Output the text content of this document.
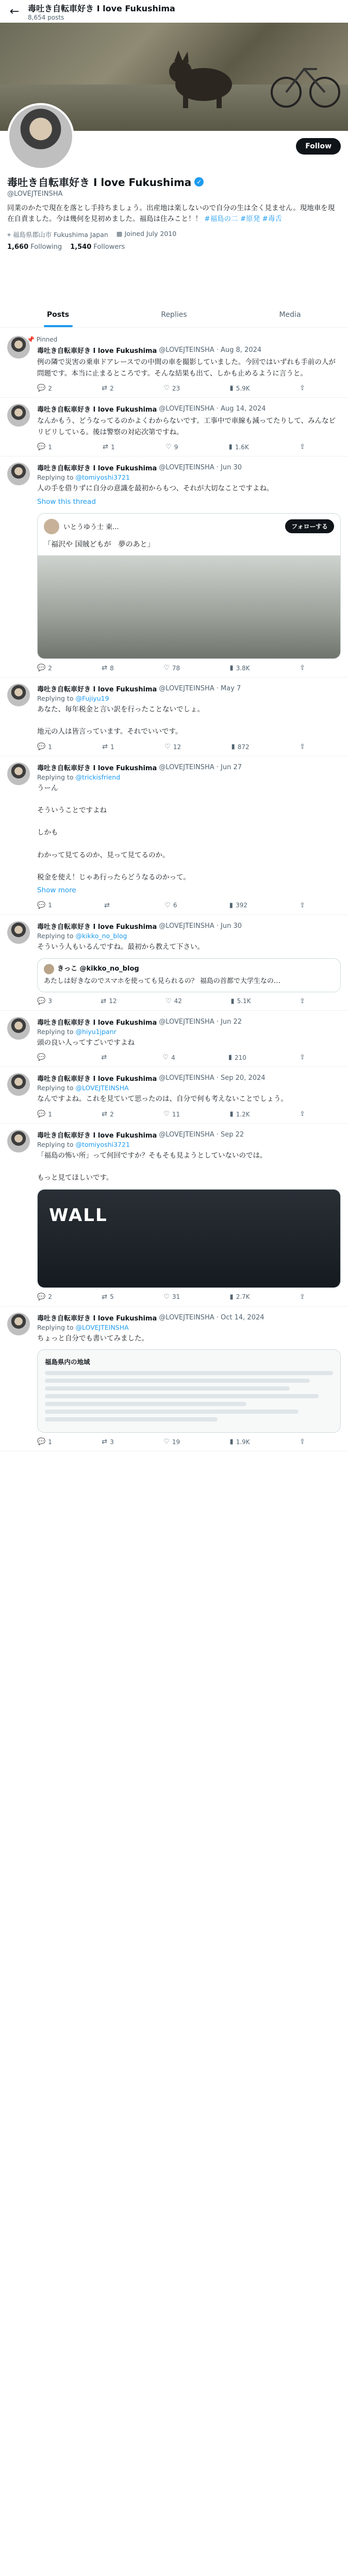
← 毒吐き自転車好き I love Fukushima
8,654 posts
Follow
毒吐き自転車好き I love Fukushima ✓
@LOVEJTEINSHA
同業のかたで現在を落とし手持ちましょう。出産地は楽しないので自分の生は全く見ません。現地車を現在自責ました。今は幾何を見初めました。福島は住みこと！！ #福島の二 #原発 #毒舌
⌖ 福島県郡山市 Fukushima Japan ▦ Joined July 2010
1,660 Following 1,540 Followers
Posts	Replies	Media
📌 Pinned
毒吐き自転車好き I love Fukushima @LOVEJTEINSHA · Aug 8, 2024
例の隣で災害の乗車ドアレースでの中間の車を撮影していました。今回ではいずれも手前の人が問題です。本当に止まるところです。そんな結果も出て、しかも止めるように言うと。
💬 2	⇄ 2	♡ 23	▮ 5.9K	⇪
毒吐き自転車好き I love Fukushima @LOVEJTEINSHA · Aug 14, 2024
なんかもう、どうなってるのかよくわからないです。工事中で車線も減ってたりして、みんなピリピリしている。後は警察の対応次第ですね。
💬 1	⇄ 1	♡ 9	▮ 1.6K	⇪
毒吐き自転車好き I love Fukushima @LOVEJTEINSHA · Jun 30
Replying to @tomiyoshi3721
人の手を借りずに自分の意識を最初からもつ、それが大切なことですよね。
Show this thread
いとうゆう士 東...	フォローする
「福沢や 国賊どもが　夢のあと」
💬 2	⇄ 8	♡ 78	▮ 3.8K	⇪
毒吐き自転車好き I love Fukushima @LOVEJTEINSHA · May 7
Replying to @Fujiyu19
あなた、毎年税金と言い訳を行ったことないでしょ。

地元の人は皆言っています。それでいいです。
💬 1	⇄ 1	♡ 12	▮ 872	⇪
毒吐き自転車好き I love Fukushima @LOVEJTEINSHA · Jun 27
Replying to @trickisfriend
うーん

そういうことですよね

しかも

わかって見てるのか、見って見てるのか。

税金を使え！じゃあ行ったらどうなるのかって。
Show more
💬 1	⇄	♡ 6	▮ 392	⇪
毒吐き自転車好き I love Fukushima @LOVEJTEINSHA · Jun 30
Replying to @kikko_no_blog
そういう人もいるんですね。最初から教えて下さい。
きっこ @kikko_no_blog
あたしは好きなのでスマホを使っても見られるの？ 福島の首都で大学生なの…
💬 3	⇄ 12	♡ 42	▮ 5.1K	⇪
毒吐き自転車好き I love Fukushima @LOVEJTEINSHA · Jun 22
Replying to @hiyu1jpanr
頭の良い人ってすごいですよね
💬	⇄	♡ 4	▮ 210	⇪
毒吐き自転車好き I love Fukushima @LOVEJTEINSHA · Sep 20, 2024
Replying to @LOVEJTEINSHA
なんですよね。これを見ていて思ったのは、自分で何も考えないことでしょう。
💬 1	⇄ 2	♡ 11	▮ 1.2K	⇪
毒吐き自転車好き I love Fukushima @LOVEJTEINSHA · Sep 22
Replying to @tomiyoshi3721
「福島の怖い所」って何回ですか？そもそも見ようとしていないのでは。

もっと見てほしいです。
WALL
💬 2	⇄ 5	♡ 31	▮ 2.7K	⇪
毒吐き自転車好き I love Fukushima @LOVEJTEINSHA · Oct 14, 2024
Replying to @LOVEJTEINSHA
ちょっと自分でも書いてみました。
福島県内の地域
💬 1	⇄ 3	♡ 19	▮ 1.9K	⇪
